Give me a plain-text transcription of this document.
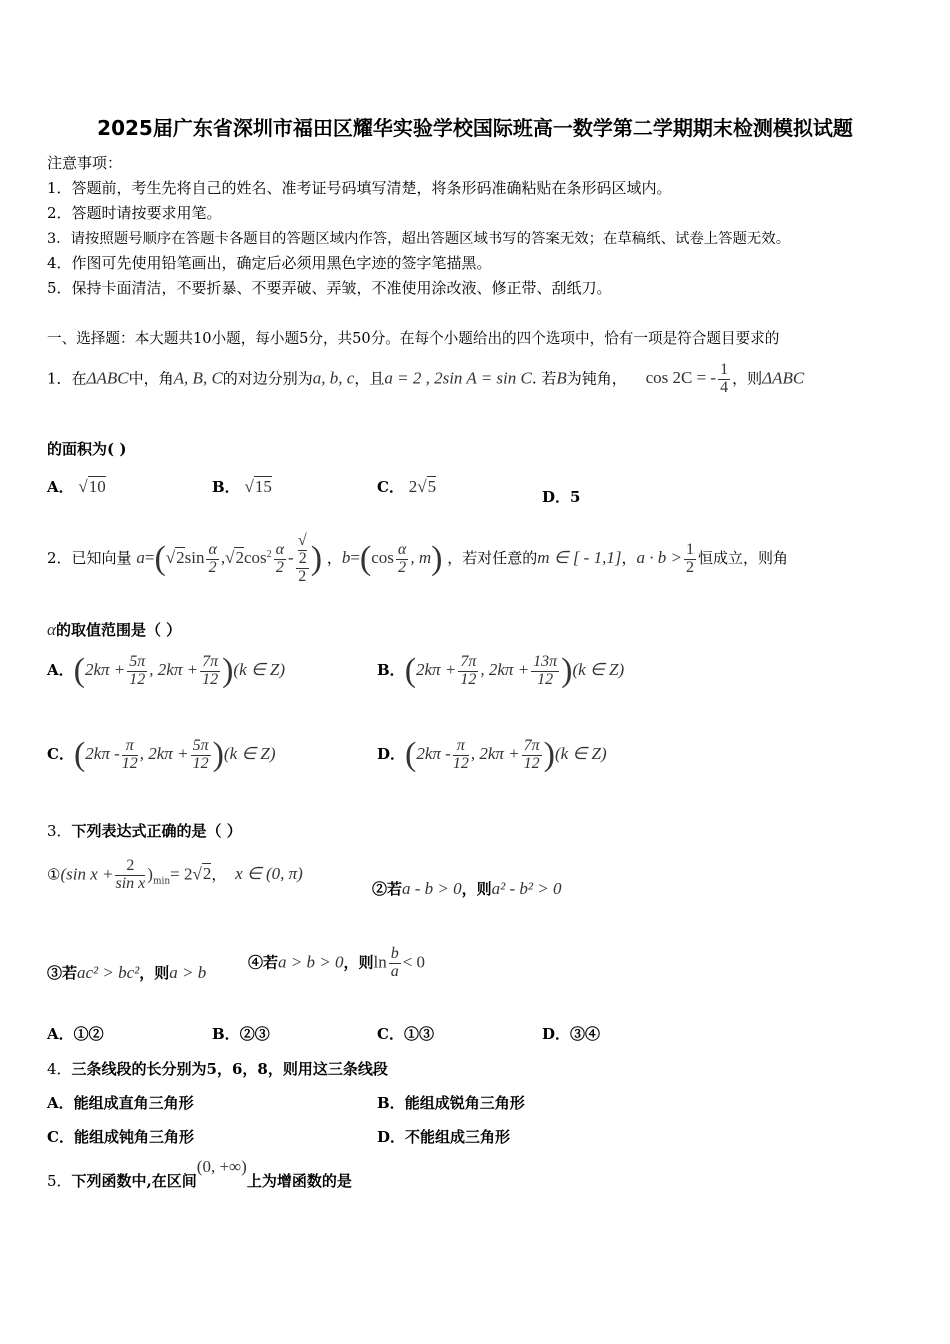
2025届广东省深圳市福田区耀华实验学校国际班高一数学第二学期期末检测模拟试题
注意事项：
1．答题前，考生先将自己的姓名、准考证号码填写清楚，将条形码准确粘贴在条形码区域内。
2．答题时请按要求用笔。
3．请按照题号顺序在答题卡各题目的答题区域内作答，超出答题区域书写的答案无效；在草稿纸、试卷上答题无效。
4．作图可先使用铅笔画出，确定后必须用黑色字迹的签字笔描黑。
5．保持卡面清洁，不要折暴、不要弄破、弄皱，不准使用涂改液、修正带、刮纸刀。
一、选择题：本大题共10小题，每小题5分，共50分。在每个小题给出的四个选项中，恰有一项是符合题目要求的
1．在ΔABC中，角A, B, C的对边分别为a, b, c，且a = 2 , 2sin A = sin C. 若B为钝角， cos 2C = - $\frac{1}{4}$ ，则ΔABC
的面积为( )
A． √10	B． √15	C． 2√5
D．5
2．已知向量 $a=(√2\sin \frac{\alpha}{2} ,√2\cos^2 \frac{\alpha}{2}$ - √
2
2 ) ，$b=(\cos \frac{\alpha}{2}$ , m) ，若对任意的m ∈ [ - 1,1]，$a \cdot b > \frac{1}{2}$ 恒成立，则角
α的取值范围是（ ）
A．($2k\pi + \frac{5\pi}{12}$ , $2k\pi + \frac{7\pi}{12} )(k$ ∈ Z)	B．($2k\pi + \frac{7\pi}{12}$ , $2k\pi + \frac{13\pi}{12} )(k$ ∈ Z)
C．($2k\pi - \frac{\pi}{12}$ , $2k\pi + \frac{5\pi}{12} )(k$ ∈ Z)	D．($2k\pi - \frac{\pi}{12}$ , $2k\pi + \frac{7\pi}{12} )(k$ ∈ Z)
3．下列表达式正确的是（ ）
①(sin $x + \frac{2}{\text{sin x}} )_{min}= 2√2$， x ∈ (0, π)
②若a - b > 0，则a² - b² > 0
③若ac² > bc²，则a > b
④若a > b > 0，则$\ln \frac{b}{a} < 0$
A．①②	B．②③	C．①③	D．③④
4．三条线段的长分别为5，6，8，则用这三条线段
A．能组成直角三角形	B．能组成锐角三角形
C．能组成钝角三角形	D．不能组成三角形
5．下列函数中,在区间(0, +∞)上为增函数的是
